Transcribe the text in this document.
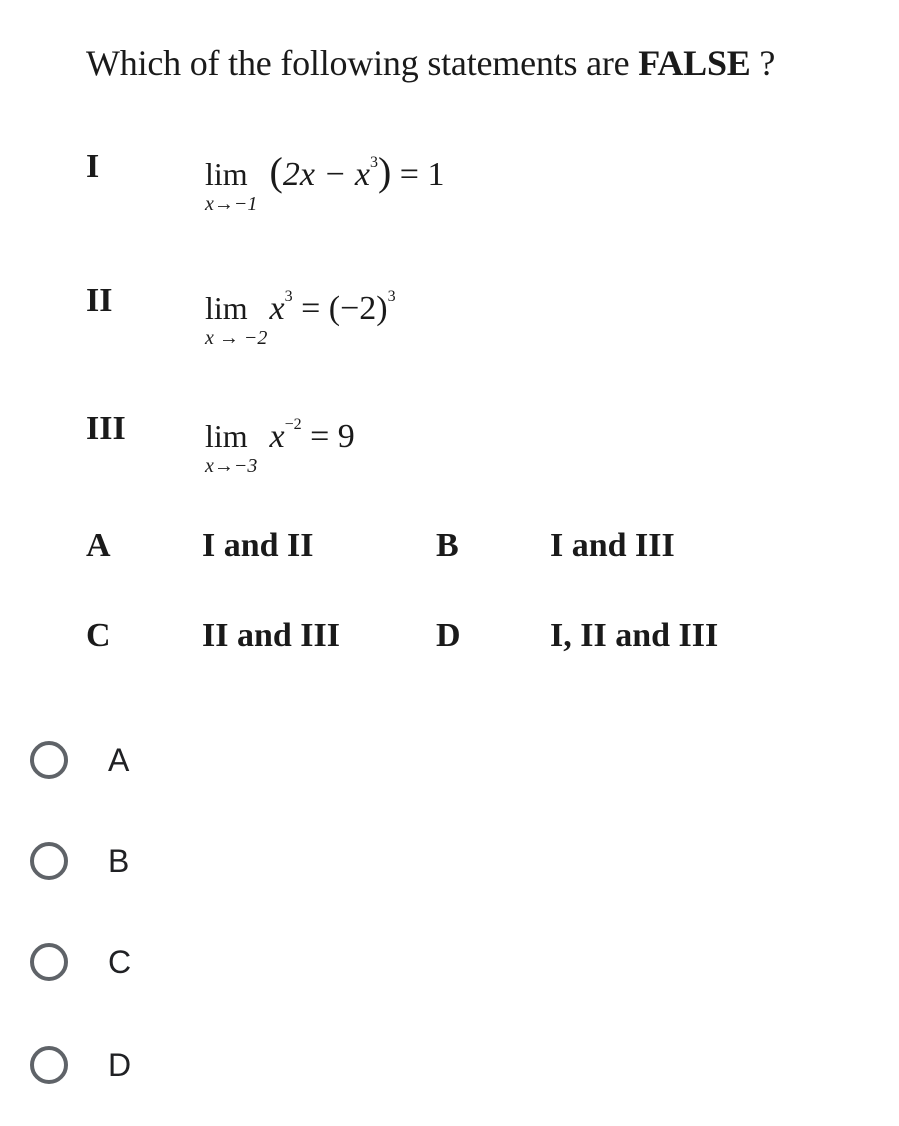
Which of the following statements are FALSE ?
I	lim
x→−1
$(2x - x^3) = 1$
II	lim
x → −2
$x^3 = (-2)^3$
III lim
x→−3
$x^{-2} = 9$
A	I and II	B	I and III
C	II and III	D	I, II and III
A
B
C
D
